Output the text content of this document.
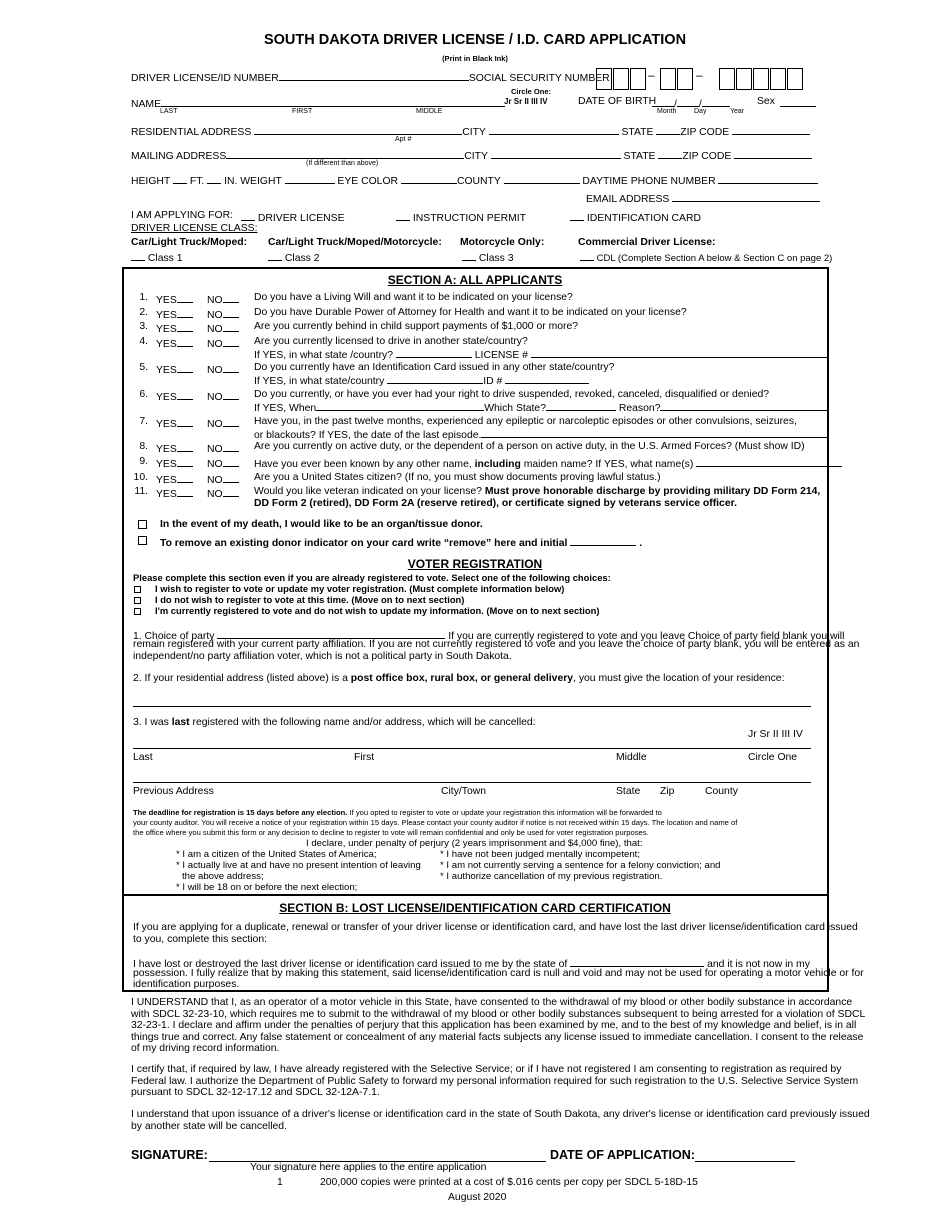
SOUTH DAKOTA DRIVER LICENSE / I.D. CARD APPLICATION
(Print in Black Ink)
DRIVER LICENSE/ID NUMBER	SOCIAL SECURITY NUMBER	–	–
Circle One:
NAME	Jr Sr II III IV	DATE OF BIRTH	/ /	Sex
LAST	FIRST	MIDDLE	Month	Day	Year
RESIDENTIAL ADDRESS	CITY	STATE	ZIP CODE
Apt #
MAILING ADDRESS	CITY	STATE	ZIP CODE
(If different than above)
HEIGHT FT. IN. WEIGHT	EYE COLOR	COUNTY	DAYTIME PHONE NUMBER
EMAIL ADDRESS
I AM APPLYING FOR:	DRIVER LICENSE	INSTRUCTION PERMIT	IDENTIFICATION CARD
DRIVER LICENSE CLASS:
Car/Light Truck/Moped: Car/Light Truck/Moped/Motorcycle: Motorcycle Only:	Commercial Driver License:
Class 1	Class 2	Class 3	CDL (Complete Section A below & Section C on page 2)
SECTION A: ALL APPLICANTS
1. YES	NO	Do you have a Living Will and want it to be indicated on your license?
2. YES	NO	Do you have Durable Power of Attorney for Health and want it to be indicated on your license?
3. YES	NO	Are you currently behind in child support payments of $1,000 or more?
4. YES	NO	Are you currently licensed to drive in another state/country?
If YES, in what state /country?	LICENSE #
5. YES	NO	Do you currently have an Identification Card issued in any other state/country?
If YES, in what state/country	ID #
6. YES	NO	Do you currently, or have you ever had your right to drive suspended, revoked, canceled, disqualified or denied?
If YES, When	Which State?	Reason?
7. YES	NO	Have you, in the past twelve months, experienced any epileptic or narcoleptic episodes or other convulsions, seizures,
or blackouts? If YES, the date of the last episode.
8. YES	NO	Are you currently on active duty, or the dependent of a person on active duty, in the U.S. Armed Forces? (Must show ID)
9. YES	NO	Have you ever been known by any other name, including maiden name? If YES, what name(s)
10. YES	NO	Are you a United States citizen? (If no, you must show documents proving lawful status.)
11. YES	NO	Would you like veteran indicated on your license? Must prove honorable discharge by providing military DD Form 214,
DD Form 2 (retired), DD Form 2A (reserve retired), or certificate signed by veterans service officer.
In the event of my death, I would like to be an organ/tissue donor.
To remove an existing donor indicator on your card write “remove” here and initial	.
VOTER REGISTRATION
Please complete this section even if you are already registered to vote. Select one of the following choices:
I wish to register to vote or update my voter registration. (Must complete information below)
I do not wish to register to vote at this time. (Move on to next section)
I'm currently registered to vote and do not wish to update my information. (Move on to next section)
1. Choice of party	If you are currently registered to vote and you leave Choice of party field blank you will
remain registered with your current party affiliation. If you are not currently registered to vote and you leave the choice of party blank, you will be entered as an
independent/no party affiliation voter, which is not a political party in South Dakota.
2. If your residential address (listed above) is a post office box, rural box, or general delivery, you must give the location of your residence:
3. I was last registered with the following name and/or address, which will be cancelled:
Jr Sr II III IV
Last	First	Middle	Circle One
Previous Address	City/Town	State Zip	County
The deadline for registration is 15 days before any election. If you opted to register to vote or update your registration this information will be forwarded to
your county auditor. You will receive a notice of your registration within 15 days. Please contact your county auditor if notice is not received within 15 days. The location and name of
the office where you submit this form or any decision to decline to register to vote will remain confidential and only be used for voter registration purposes.
I declare, under penalty of perjury (2 years imprisonment and $4,000 fine), that:
* I am a citizen of the United States of America;
* I actually live at and have no present intention of leaving
the above address;
* I will be 18 on or before the next election;
* I have not been judged mentally incompetent;
* I am not currently serving a sentence for a felony conviction; and
* I authorize cancellation of my previous registration.
SECTION B: LOST LICENSE/IDENTIFICATION CARD CERTIFICATION
If you are applying for a duplicate, renewal or transfer of your driver license or identification card, and have lost the last driver license/identification card issued
to you, complete this section:
I have lost or destroyed the last driver license or identification card issued to me by the state of	and it is not now in my
possession. I fully realize that by making this statement, said license/identification card is null and void and may not be used for operating a motor vehicle or for
identification purposes.
I UNDERSTAND that I, as an operator of a motor vehicle in this State, have consented to the withdrawal of my blood or other bodily substance in accordance
with SDCL 32-23-10, which requires me to submit to the withdrawal of my blood or other bodily substances subsequent to being arrested for a violation of SDCL
32-23-1. I declare and affirm under the penalties of perjury that this application has been examined by me, and to the best of my knowledge and belief, is in all
things true and correct. Any false statement or concealment of any material facts subjects any license issued to immediate cancellation. I consent to the release
of my driving record information.
I certify that, if required by law, I have already registered with the Selective Service; or if I have not registered I am consenting to registration as required by
Federal law. I authorize the Department of Public Safety to forward my personal information required for such registration to the U.S. Selective Service System
pursuant to SDCL 32-12-17.12 and SDCL 32-12A-7.1.
I understand that upon issuance of a driver's license or identification card in the state of South Dakota, any driver's license or identification card previously issued
by another state will be cancelled.
SIGNATURE:	DATE OF APPLICATION:
Your signature here applies to the entire application
1	200,000 copies were printed at a cost of $.016 cents per copy per SDCL 5-18D-15
August 2020
